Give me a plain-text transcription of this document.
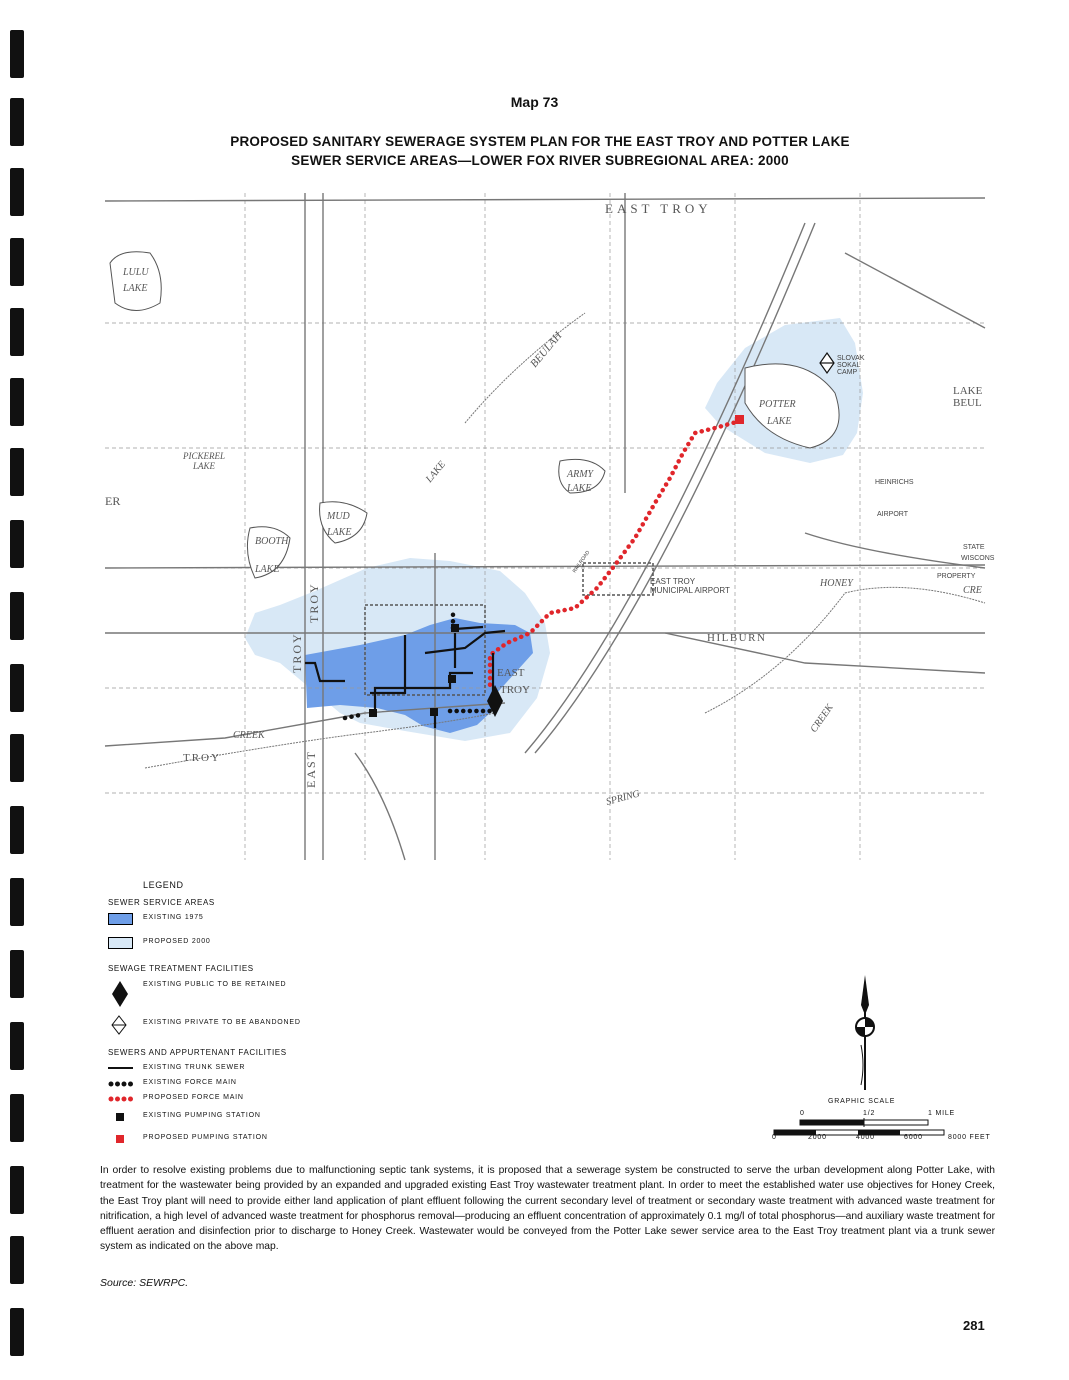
Map 73
PROPOSED SANITARY SEWERAGE SYSTEM PLAN FOR THE EAST TROY AND POTTER LAKE
SEWER SERVICE AREAS—LOWER FOX RIVER SUBREGIONAL AREA: 2000
EAST TROY
LULU
LAKE
PICKEREL
LAKE
BOOTH
LAKE
MUD
LAKE
BEULAH
LAKE	ARMY
LAKE
POTTER
LAKE
LAKE
BEUL
HILBURN
HONEY
CRE
EAST
TROY
TROY
TROY
EAST
CREEK
TROY
CREEK
SPRING
ER
SLOVAK
SOKAL
CAMP
HEINRICHS
AIRPORT
STATE
WISCONS
PROPERTY
EAST TROY
MUNICIPAL AIRPORT
RAILROAD
LEGEND
SEWER SERVICE AREAS
EXISTING 1975
PROPOSED 2000
SEWAGE TREATMENT FACILITIES
EXISTING PUBLIC TO BE RETAINED
EXISTING PRIVATE TO BE ABANDONED
SEWERS AND APPURTENANT FACILITIES
EXISTING TRUNK SEWER
EXISTING FORCE MAIN
PROPOSED FORCE MAIN
EXISTING PUMPING STATION
PROPOSED PUMPING STATION
GRAPHIC SCALE
0	1/2	1 MILE
0	2000	4000	6000	8000 FEET

In order to resolve existing problems due to malfunctioning septic tank systems, it is proposed that a sewerage system be constructed to serve the urban development along Potter Lake, with treatment for the wastewater being provided by an expanded and upgraded existing East Troy wastewater treatment plant. In order to meet the established water use objectives for Honey Creek, the East Troy plant will need to provide either land application of plant effluent following the current secondary level of treatment or secondary waste treatment with advanced waste treatment for nitrification, a high level of advanced waste treatment for phosphorus removal—producing an effluent concentration of approximately 0.1 mg/l of total phosphorus—and auxiliary waste treatment for effluent aeration and disinfection prior to discharge to Honey Creek. Wastewater would be conveyed from the Potter Lake sewer service area to the East Troy treatment plant via a trunk sewer system as indicated on the above map.

Source: SEWRPC.
281
